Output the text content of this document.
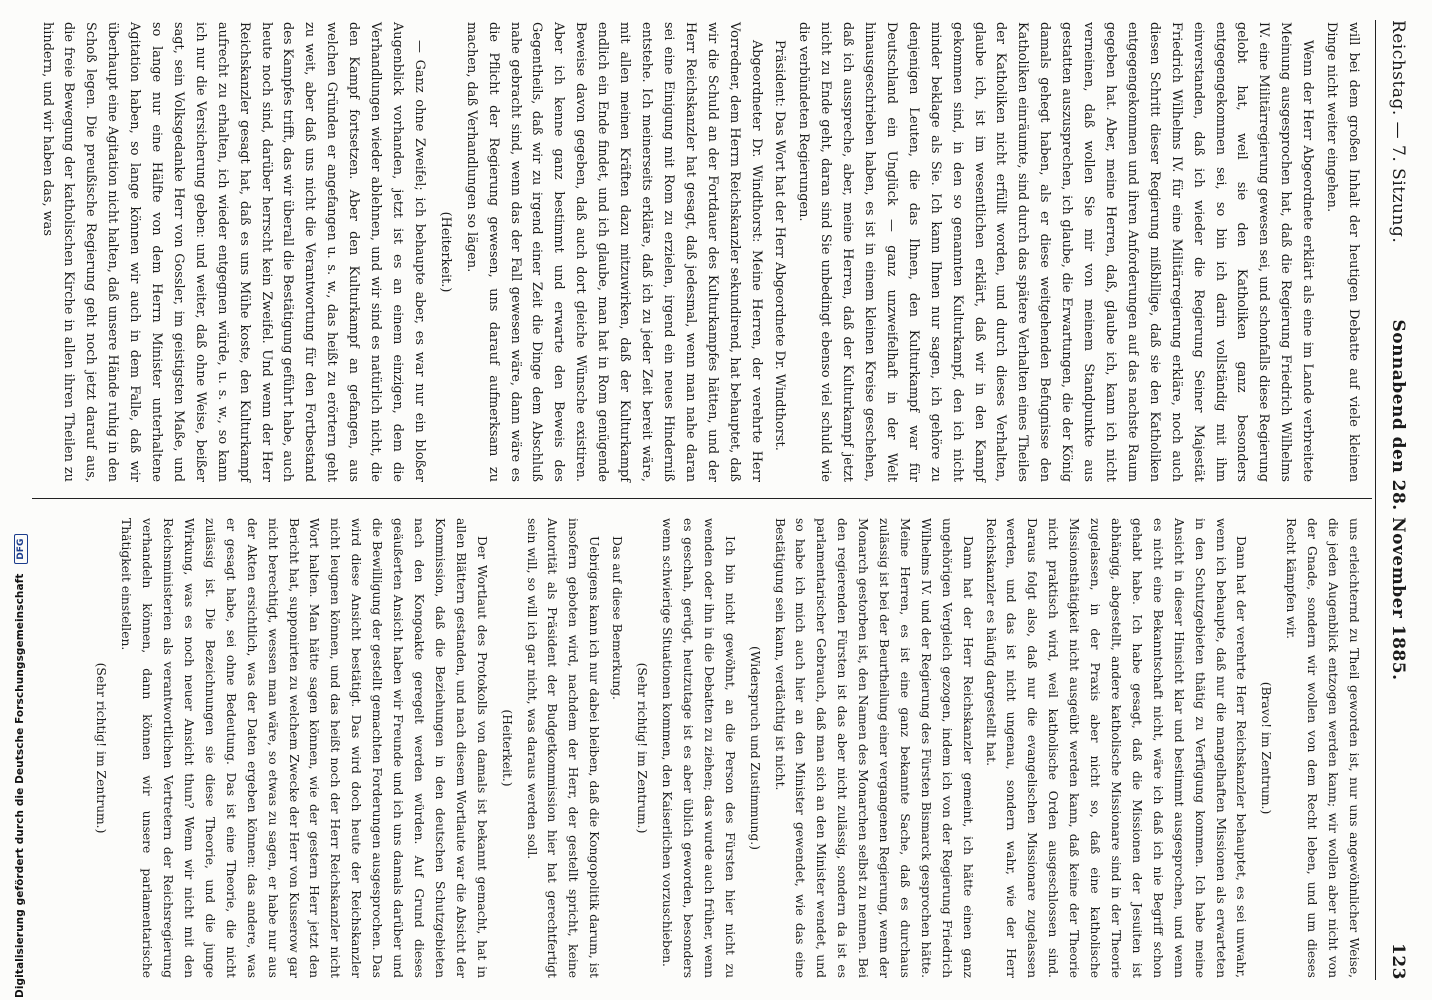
Digitalisierung gefördert durch die Deutsche Forschungsgemeinschaft DFG
Reichstag. — 7. Sitzung.
Sonnabend den 28. November 1885.
123

will bei dem großen Inhalt der heutigen Debatte auf viele kleinen Dinge nicht weiter eingehen.

Wenn der Herr Abgeordnete erklärt als eine im Lande verbreitete Meinung ausgesprochen hat, daß die Regierung Friedrich Wilhelms IV. eine Militärregierung gewesen sei, und schonfalls diese Regierung gelobt hat, weil sie den Katholiken ganz besonders entgegengekommen sei, so bin ich darin vollständig mit ihm einverstanden, daß ich wieder die Regierung Seiner Majestät Friedrich Wilhelms IV. für eine Militärregierung erkläre, noch auch diesen Schritt dieser Regierung mißbillige, daß sie den Katholiken entgegengekommen und ihren Anforderungen auf das nachste Raum gegeben hat. Aber, meine Herren, daß, glaube ich, kann ich nicht verneinen, daß wollen Sie mir von meinem Standpunkte aus gestatten auszusprechen, ich glaube, die Erwartungen, die der König damals gehegt haben, als er diese weitgehenden Befugnisse den Katholiken einräumte, sind durch das spätere Verhalten eines Theiles der Katholiken nicht erfüllt worden, und durch dieses Verhalten, glaube ich, ist im wesentlichen erklärt, daß wir in den Kampf gekommen sind, in den so genannten Kulturkampf, den ich nicht minder beklage als Sie. Ich kann Ihnen nur sagen, ich gehöre zu denjenigen Leuten, die das Ihnen, den Kulturkampf war für Deutschland ein Unglück — ganz unzweifelhaft in der Welt hinausgeschrieben haben, es ist in einem kleinen Kreise geschehen, daß ich ausspreche, aber, meine Herren, daß der Kulturkampf jetzt nicht zu Ende geht, daran sind Sie unbedingt ebenso viel schuld wie die verbündeten Regierungen.

Präsident: Das Wort hat der Herr Abgeordnete Dr. Windthorst.

Abgeordneter Dr. Windthorst: Meine Herren, der verehrte Herr Vorredner, dem Herrn Reichskanzler sekundirend, hat behauptet, daß wir die Schuld an der Fortdauer des Kulturkampfes hätten, und der Herr Reichskanzler hat gesagt, daß jedesmal, wenn man nahe daran sei eine Einigung mit Rom zu erzielen, irgend ein neues Hinderniß entstehe. Ich meinerseits erkläre, daß ich zu jeder Zeit bereit wäre, mit allen meinen Kräften dazu mitzuwirken, daß der Kulturkampf endlich ein Ende findet, und ich glaube, man hat in Rom genügende Beweise davon gegeben, daß auch dort gleiche Wünsche existiren. Aber ich kenne ganz bestimmt und erwarte den Beweis des Gegentheils, daß wir zu irgend einer Zeit die Dinge dem Abschluß nahe gebracht sind, wenn das der Fall gewesen wäre, dann wäre es die Pflicht der Regierung gewesen, uns darauf aufmerksam zu machen, daß Verhandlungen so lägen.

(Heiterkeit.)

— Ganz ohne Zweifel; ich behaupte aber, es war nur ein bloßer Augenblick vorhanden, jetzt ist es an einem einzigen, dem die Verhandlungen wieder ablehnen, und wir sind es natürlich nicht, die den Kampf fortsetzen. Aber den Kulturkampf an gefangen, aus welchen Gründen er angefangen u. s. w., das heißt zu erörtern geht zu weit, aber daß uns nicht die Verantwortung für den Fortbestand des Kampfes trifft, das wir überall die Bestätigung geführt habe, auch heute noch sind, darüber herrscht kein Zweifel. Und wenn der Herr Reichskanzler gesagt hat, daß es uns Mühe koste, den Kulturkampf aufrecht zu erhalten, ich wieder entgegnen würde, u. s. w., so kann ich nur die Versicherung geben: und weiter, daß ohne Weise, beißer sagt, sein Volksgedanke Herr von Gossler, im geistigsten Maße, und so lange nur eine Hälfte von dem Herrn Minister unterhaltene Agitation haben, so lange können wir auch in dem Falle, daß wir überhaupt eine Agitation nicht halten, daß unsere Hände ruhig in den Schoß legen. Die preußische Regierung geht noch jetzt darauf aus, die freie Bewegung der katholischen Kirche in allen ihren Theilen zu hindern, und wir haben das, was

uns erleichternd zu Theil geworden ist, nur uns angewöhnlicher Weise, die jeden Augenblick entzogen werden kann; wir wollen aber nicht von der Gnade, sondern wir wollen von dem Recht leben, und um dieses Recht kämpfen wir.

(Bravo! im Zentrum.)

Dann hat der verehrte Herr Reichskanzler behauptet, es sei unwahr, wenn ich behaupte, daß nur die mangelhaften Missionen als erwarteten in den Schutzgebieten thätig zu Verfügung kommen. Ich habe meine Ansicht in dieser Hinsicht klar und bestimmt ausgesprochen, und wenn es nicht eine Bekanntschaft nicht, wäre ich daß ich nie Begriff schon gehabt habe. Ich habe gesagt, daß die Missionen der Jesuiten ist abhängig, abgestellt, andere katholische Missionare sind in der Theorie zugelassen, in der Praxis aber nicht so, daß eine katholische Missionsthätigkeit nicht ausgeübt werden kann, daß keine der Theorie nicht praktisch wird, weil katholische Orden ausgeschlossen sind. Daraus folgt also, daß nur die evangelischen Missionare zugelassen werden, und das ist nicht ungenau, sondern wahr, wie der Herr Reichskanzler es häufig dargestellt hat.

Dann hat der Herr Reichskanzler gemeint, ich hätte einen ganz ungehörigen Vergleich gezogen, indem ich von der Regierung Friedrich Wilhelms IV. und der Regierung des Fürsten Bismarck gesprochen hätte. Meine Herren, es ist eine ganz bekannte Sache, daß es durchaus zulässig ist bei der Beurtheilung einer vergangenen Regierung, wenn der Monarch gestorben ist, den Namen des Monarchen selbst zu nennen. Bei den regierenden Fürsten ist das aber nicht zulässig, sondern da ist es parlamentarischer Gebrauch, daß man sich an den Minister wendet, und so habe ich mich auch hier an den Minister gewendet, wie das eine Bestätigung sein kann, verdächtig ist nicht.

(Widerspruch und Zustimmung.)

Ich bin nicht gewöhnt, an die Person des Fürsten hier nicht zu wenden oder ihn in die Debatten zu ziehen; das wurde auch früher, wenn es geschah, gerügt, heutzutage ist es aber üblich geworden, besonders wenn schwierige Situationen kommen, den Kaiserlichen vorzuschieben.

(Sehr richtig! im Zentrum.)

Das auf diese Bemerkung.

Uebrigens kann ich nur dabei bleiben, daß die Kongopolitik darum, ist insofern geboten wird, nachdem der Herr, der gestellt spricht, keine Autorität als Präsident der Budgetkommission hier hat gerechtfertigt sein will, so will ich gar nicht, was daraus werden soll.

(Heiterkeit.)

Der Wortlaut des Protokolls von damals ist bekannt gemacht, hat in allen Blättern gestanden, und nach diesem Wortlaute war die Absicht der Kommission, daß die Beziehungen in den deutschen Schutzgebieten nach den Kongoakte geregelt werden würden. Auf Grund dieses geäußerten Ansicht haben wir Freunde und ich uns damals darüber und die Bewilligung der gestellt gemachten Forderungen ausgesprochen. Das wird diese Ansicht bestätigt. Das wird doch heute der Reichskanzler nicht leugnen können, und das heißt noch der Herr Reichskanzler nicht Wort halten. Man hätte sagen können, wie der gestern Herr jetzt den Bericht hat, supponirten zu welchem Zwecke der Herr von Kusserow gar nicht berechtigt, wessen man wäre, so etwas zu sagen, er habe nur aus der Akten ersichtlich, was der Daten ergeben können: das andere, was er gesagt habe, sei ohne Bedeutung. Das ist eine Theorie, die nicht zulässig ist. Die Bezeichnungen sie diese Theorie, und die junge Wirkung, was es noch neuer Ansicht thun? Wenn wir nicht mit den Reichsministerien als verantwortlichen Vertretern der Reichsregierung verhandeln können, dann können wir unsere parlamentarische Thätigkeit einstellen.

(Sehr richtig! im Zentrum.)
